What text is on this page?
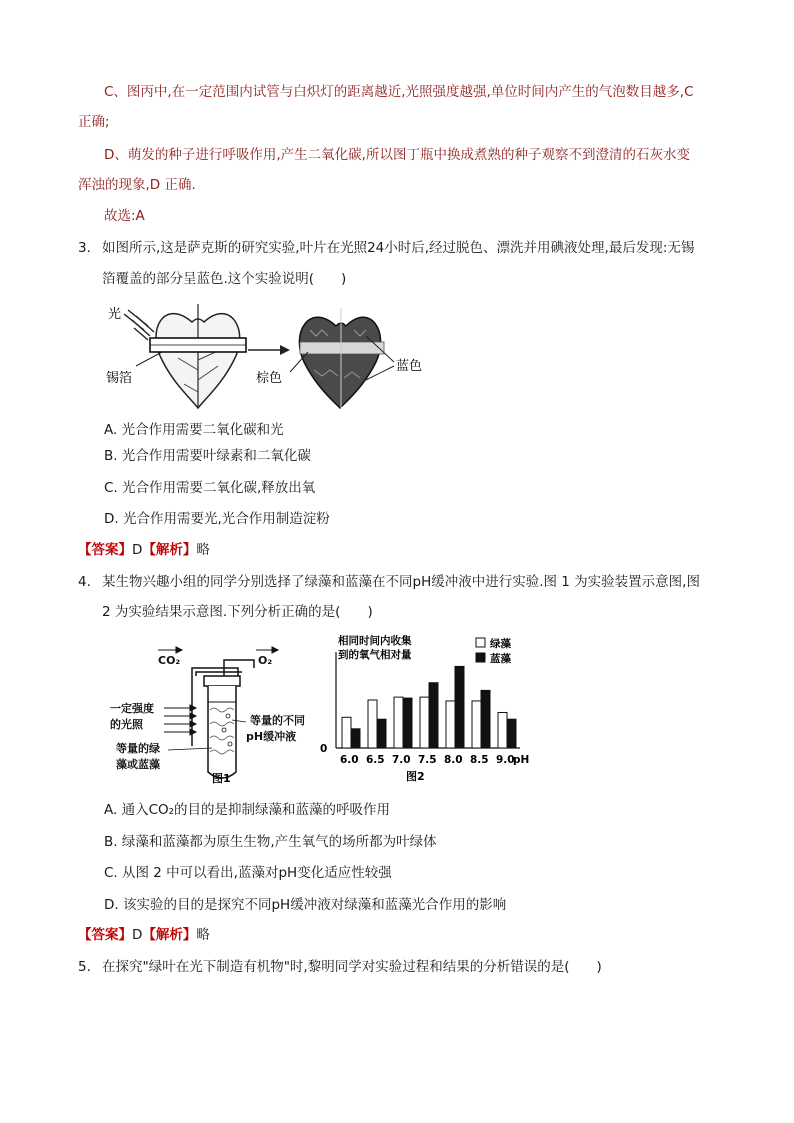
C、图丙中,在一定范围内试管与白炽灯的距离越近,光照强度越强,单位时间内产生的气泡数目越多,C
正确;
D、萌发的种子进行呼吸作用,产生二氧化碳,所以图丁瓶中换成煮熟的种子观察不到澄清的石灰水变
浑浊的现象,D 正确.
故选:A
3. 如图所示,这是萨克斯的研究实验,叶片在光照24小时后,经过脱色、漂洗并用碘液处理,最后发现:无锡
箔覆盖的部分呈蓝色.这个实验说明(　　)
光
锡箔	棕色
蓝色
A. 光合作用需要二氧化碳和光
B. 光合作用需要叶绿素和二氧化碳
C. 光合作用需要二氧化碳,释放出氧
D. 光合作用需要光,光合作用制造淀粉
【答案】D【解析】略
4. 某生物兴趣小组的同学分别选择了绿藻和蓝藻在不同pH缓冲液中进行实验.图 1 为实验装置示意图,图
2 为实验结果示意图.下列分析正确的是(　　)
CO₂	O₂
一定强度
的光照
等量的绿
藻或蓝藻
等量的不同
pH缓冲液
图1
相同时间内收集
到的氧气相对量
绿藻
蓝藻
0
6.0 6.5 7.0 7.5 8.0 8.5 9.0
pH
图2
A. 通入CO₂的目的是抑制绿藻和蓝藻的呼吸作用
B. 绿藻和蓝藻都为原生生物,产生氧气的场所都为叶绿体
C. 从图 2 中可以看出,蓝藻对pH变化适应性较强
D. 该实验的目的是探究不同pH缓冲液对绿藻和蓝藻光合作用的影响
【答案】D【解析】略
5. 在探究"绿叶在光下制造有机物"时,黎明同学对实验过程和结果的分析错误的是(　　)
